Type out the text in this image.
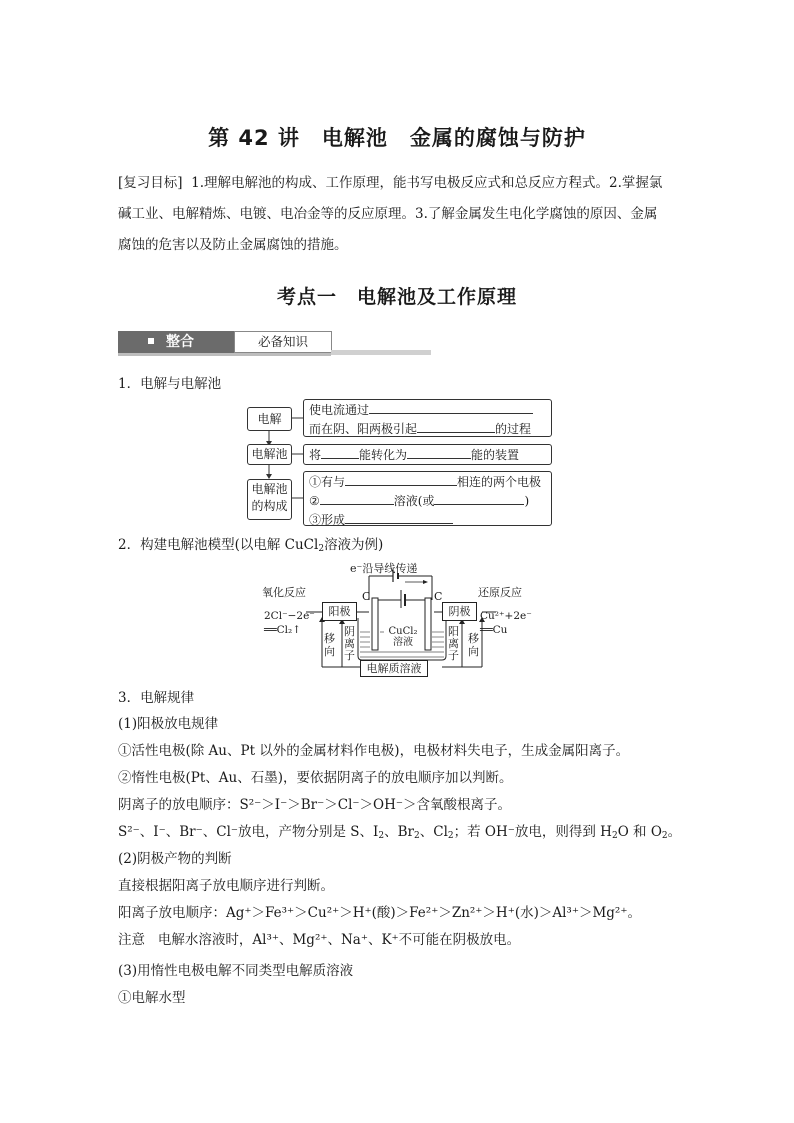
第 42 讲　电解池　金属的腐蚀与防护
[复习目标] 1.理解电解池的构成、工作原理，能书写电极反应式和总反应方程式。2.掌握氯
碱工业、电解精炼、电镀、电冶金等的反应原理。3.了解金属发生电化学腐蚀的原因、金属
腐蚀的危害以及防止金属腐蚀的措施。
考点一　电解池及工作原理
整合	必备知识
1．电解与电解池
电解
电解池
电解池
的构成
使电流通过
而在阴、阳两极引起	的过程
将	能转化为	能的装置
①有与	相连的两个电极
②	溶液(或	)
③形成
2．构建电解池模型(以电解 CuCl$_2$溶液为例)
e⁻沿导线传递
氧化反应
2Cl⁻−2e⁻
══Cl₂↑
阳极	阴极
还原反应
Cu²⁺+2e⁻
══Cu
C	C
CuCl₂
溶液
移
向
阴
离
子
阳
离
子
移
向
电解质溶液
3．电解规律
(1)阳极放电规律
①活性电极(除 Au、Pt 以外的金属材料作电极)，电极材料失电子，生成金属阳离子。
②惰性电极(Pt、Au、石墨)，要依据阴离子的放电顺序加以判断。
阴离子的放电顺序：S²⁻＞I⁻＞Br⁻＞Cl⁻＞OH⁻＞含氧酸根离子。
S²⁻、I⁻、Br⁻、Cl⁻放电，产物分别是 S、$I_2$、$Br_2$、$Cl_2$；若 OH⁻放电，则得到 $H_2O$ 和 $O_2$。
(2)阴极产物的判断
直接根据阳离子放电顺序进行判断。
阳离子放电顺序：Ag⁺＞Fe³⁺＞Cu²⁺＞H⁺(酸)＞Fe²⁺＞Zn²⁺＞H⁺(水)＞Al³⁺＞Mg²⁺。
注意 电解水溶液时，Al³⁺、Mg²⁺、Na⁺、K⁺不可能在阴极放电。
(3)用惰性电极电解不同类型电解质溶液
①电解水型
